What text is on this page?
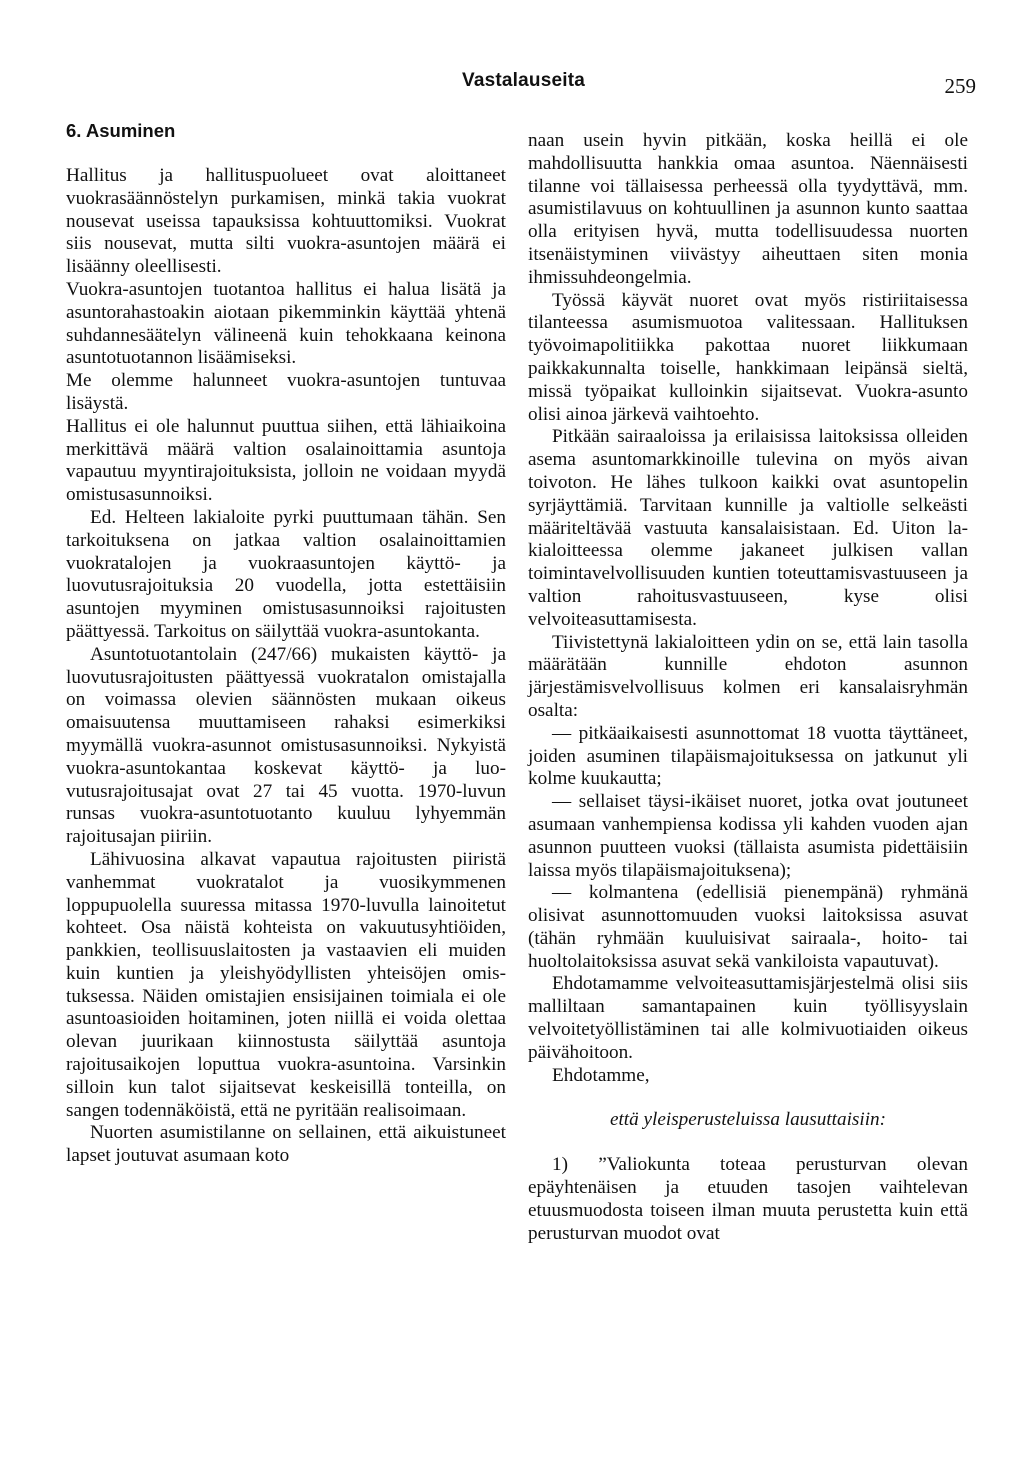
Vastalauseita	259
6. Asuminen

Hallitus ja hallituspuolueet ovat aloittaneet vuokrasäännöstelyn purkamisen, minkä takia vuokrat nousevat useissa tapauksissa kohtuuttomiksi. Vuokrat siis nousevat, mutta silti vuokra-asuntojen määrä ei lisäänny oleellisesti.

Vuokra-asuntojen tuotantoa hallitus ei halua lisätä ja asuntorahastoakin aiotaan pikemminkin käyttää yhtenä suhdannesäätelyn välineenä kuin tehokkaana keinona asuntotuotannon lisäämiseksi.

Me olemme halunneet vuokra-asuntojen tuntuvaa lisäystä.

Hallitus ei ole halunnut puuttua siihen, että lähiaikoina merkittävä määrä valtion osalainoittamia asuntoja vapautuu myyntirajoituksista, jolloin ne voidaan myydä omistusasunnoiksi.

Ed. Helteen lakialoite pyrki puuttumaan tähän. Sen tarkoituksena on jatkaa valtion osalainoittamien vuokratalojen ja vuokraasuntojen käyttö- ja luovutusrajoituksia 20 vuodella, jotta estettäisiin asuntojen myyminen omistusasunnoiksi rajoitusten päättyessä. Tarkoitus on säilyttää vuokra-asuntokanta.

Asuntotuotantolain (247/66) mukaisten käyttö- ja luovutusrajoitusten päättyessä vuokratalon omistajalla on voimassa olevien säännösten mukaan oikeus omaisuutensa muuttamiseen rahaksi esimerkiksi myymällä vuokra-asunnot omistusasunnoiksi. Nykyistä vuokra-asuntokantaa koskevat käyttö- ja luovutusrajoitusajat ovat 27 tai 45 vuotta. 1970-luvun runsas vuokra-asuntotuotanto kuuluu lyhyemmän rajoitusajan piiriin.

Lähivuosina alkavat vapautua rajoitusten piiristä vanhemmat vuokratalot ja vuosikymmenen loppupuolella suuressa mitassa 1970-luvulla lainoitetut kohteet. Osa näistä kohteista on vakuutusyhtiöiden, pankkien, teollisuuslaitosten ja vastaavien eli muiden kuin kuntien ja yleishyödyllisten yhteisöjen omistuksessa. Näiden omistajien ensisijainen toimiala ei ole asuntoasioiden hoitaminen, joten niillä ei voida olettaa olevan juurikaan kiinnostusta säilyttää asuntoja rajoitusaikojen loputtua vuokra-asuntoina. Varsinkin silloin kun talot sijaitsevat keskeisillä tonteilla, on sangen todennäköistä, että ne pyritään realisoimaan.

Nuorten asumistilanne on sellainen, että aikuistuneet lapset joutuvat asumaan koto

naan usein hyvin pitkään, koska heillä ei ole mahdollisuutta hankkia omaa asuntoa. Näennäisesti tilanne voi tällaisessa perheessä olla tyydyttävä, mm. asumistilavuus on kohtuullinen ja asunnon kunto saattaa olla erityisen hyvä, mutta todellisuudessa nuorten itsenäistyminen viivästyy aiheuttaen siten monia ihmissuhdeongelmia.

Työssä käyvät nuoret ovat myös ristiriitaisessa tilanteessa asumismuotoa valitessaan. Hallituksen työvoimapolitiikka pakottaa nuoret liikkumaan paikkakunnalta toiselle, hankkimaan leipänsä sieltä, missä työpaikat kulloinkin sijaitsevat. Vuokra-asunto olisi ainoa järkevä vaihtoehto.

Pitkään sairaaloissa ja erilaisissa laitoksissa olleiden asema asuntomarkkinoille tulevina on myös aivan toivoton. He lähes tulkoon kaikki ovat asuntopelin syrjäyttämiä. Tarvitaan kunnille ja valtiolle selkeästi määriteltävää vastuuta kansalaisistaan. Ed. Uiton lakialoitteessa olemme jakaneet julkisen vallan toimintavelvollisuuden kuntien toteuttamisvastuuseen ja valtion rahoitusvastuuseen, kyse olisi velvoiteasuttamisesta.

Tiivistettynä lakialoitteen ydin on se, että lain tasolla määrätään kunnille ehdoton asunnon järjestämisvelvollisuus kolmen eri kansalaisryhmän osalta:

— pitkäaikaisesti asunnottomat 18 vuotta täyttäneet, joiden asuminen tilapäismajoituksessa on jatkunut yli kolme kuukautta;

— sellaiset täysi-ikäiset nuoret, jotka ovat joutuneet asumaan vanhempiensa kodissa yli kahden vuoden ajan asunnon puutteen vuoksi (tällaista asumista pidettäisiin laissa myös tilapäismajoituksena);

— kolmantena (edellisiä pienempänä) ryhmänä olisivat asunnottomuuden vuoksi laitoksissa asuvat (tähän ryhmään kuuluisivat sairaala-, hoito- tai huoltolaitoksissa asuvat sekä vankiloista vapautuvat).

Ehdotamamme velvoiteasuttamisjärjestelmä olisi siis malliltaan samantapainen kuin työllisyyslain velvoitetyöllistäminen tai alle kolmivuotiaiden oikeus päivähoitoon.

Ehdotamme,

että yleisperusteluissa lausuttaisiin:

1) ”Valiokunta toteaa perusturvan olevan epäyhtenäisen ja etuuden tasojen vaihtelevan etuusmuodosta toiseen ilman muuta perustetta kuin että perusturvan muodot ovat
